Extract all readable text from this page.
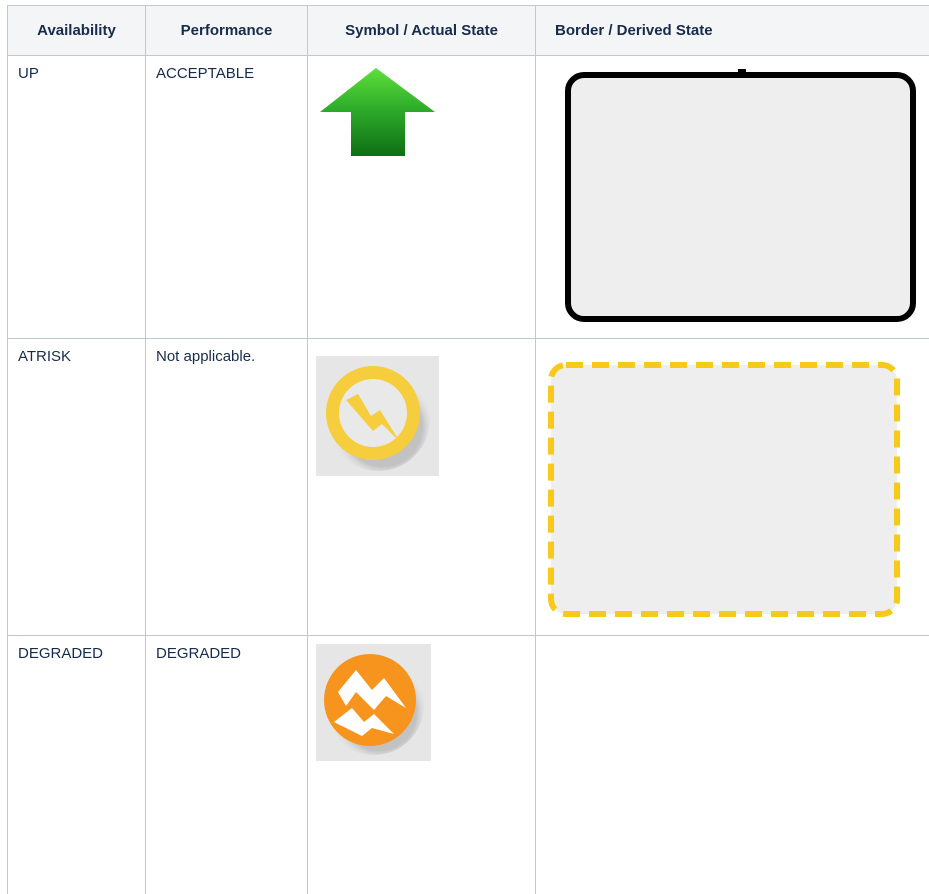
Availability	Performance	Symbol / Actual State	Border / Derived State

UP	ACCEPTABLE

ATRISK	Not applicable.

DEGRADED	DEGRADED
